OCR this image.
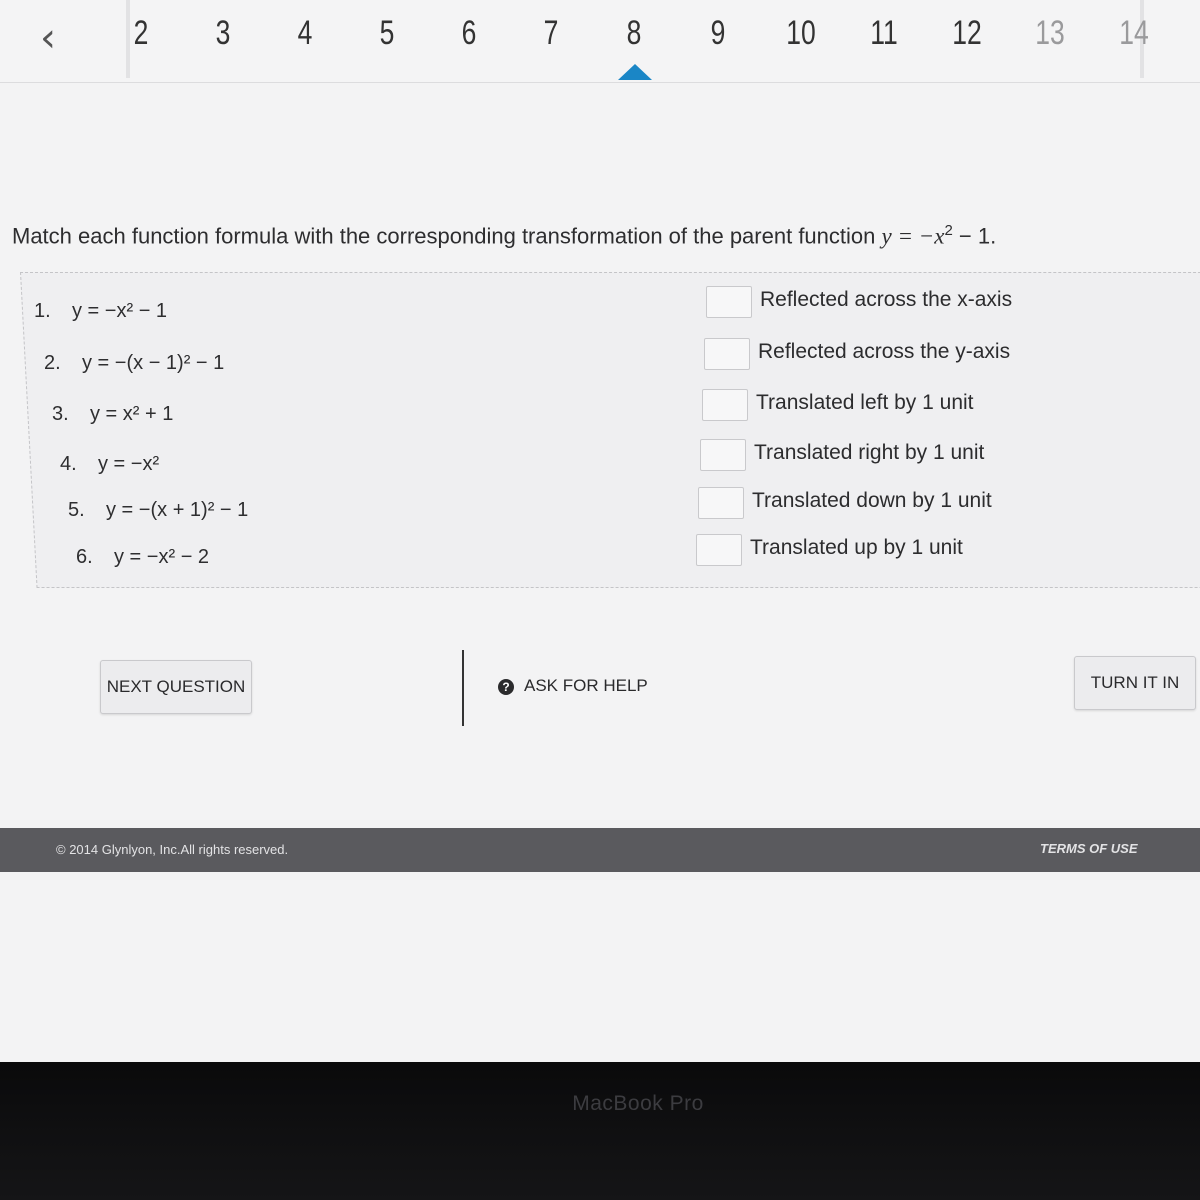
‹	2	3	4	5	6	7	8	9	10 11 12 13 14
Match each function formula with the corresponding transformation of the parent function $y = -x^2 - 1$.
1. y = −x² − 1
2. y = −(x − 1)² − 1
3. y = x² + 1
4. y = −x²
5. y = −(x + 1)² − 1
6. y = −x² − 2
Reflected across the x-axis
Reflected across the y-axis
Translated left by 1 unit
Translated right by 1 unit
Translated down by 1 unit
Translated up by 1 unit
NEXT QUESTION	? ASK FOR HELP	TURN IT IN
© 2014 Glynlyon, Inc.All rights reserved.	TERMS OF USE
MacBook Pro
